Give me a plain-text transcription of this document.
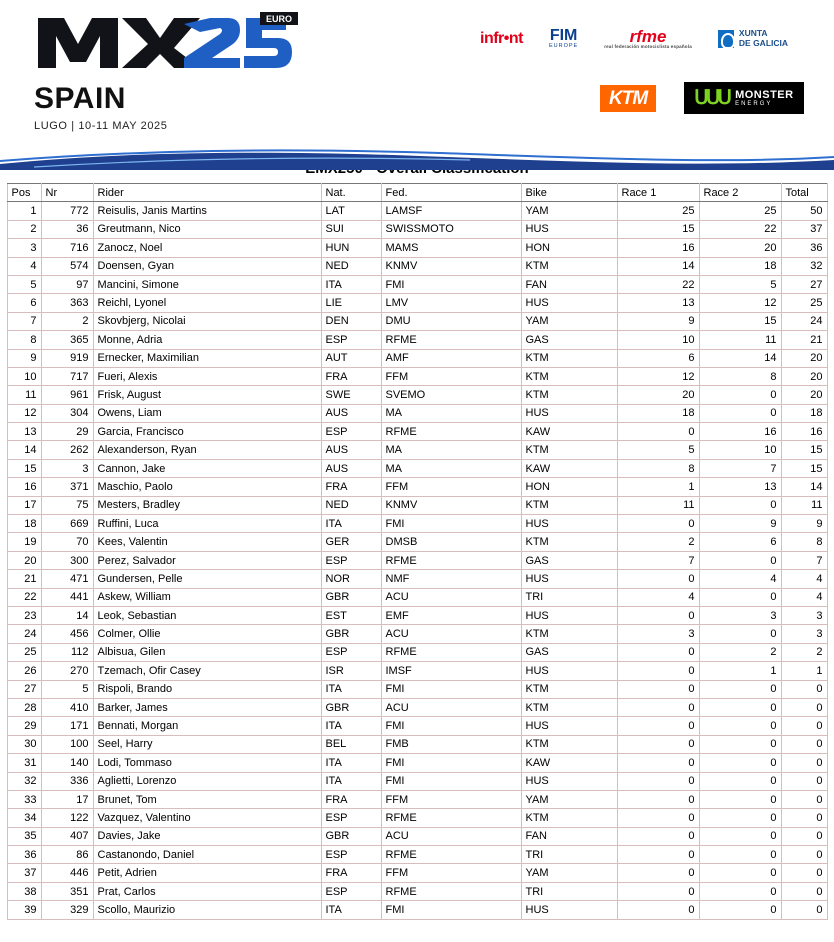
EURO
SPAIN
LUGO | 10-11 MAY 2025
infr•nt FIM
EUROPE	rfme
real federación motociclista española
XUNTA
DE GALICIA
KTM	ᑌᑌᑌ MONSTER
ENERGY
Pos	Nr	Rider	Nat.	Fed.	Bike	Race 1	Race 2	Total
1	772	Reisulis, Janis Martins	LAT	LAMSF	YAM	25	25	50
2	36	Greutmann, Nico	SUI	SWISSMOTO	HUS	15	22	37
3	716	Zanocz, Noel	HUN	MAMS	HON	16	20	36
4	574	Doensen, Gyan	NED	KNMV	KTM	14	18	32
5	97	Mancini, Simone	ITA	FMI	FAN	22	5	27
6	363	Reichl, Lyonel	LIE	LMV	HUS	13	12	25
7	2	Skovbjerg, Nicolai	DEN	DMU	YAM	9	15	24
8	365	Monne, Adria	ESP	RFME	GAS	10	11	21
9	919	Ernecker, Maximilian	AUT	AMF	KTM	6	14	20
10	717	Fueri, Alexis	FRA	FFM	KTM	12	8	20
11	961	Frisk, August	SWE	SVEMO	KTM	20	0	20
12	304	Owens, Liam	AUS	MA	HUS	18	0	18
13	29	Garcia, Francisco	ESP	RFME	KAW	0	16	16
14	262	Alexanderson, Ryan	AUS	MA	KTM	5	10	15
15	3	Cannon, Jake	AUS	MA	KAW	8	7	15
16	371	Maschio, Paolo	FRA	FFM	HON	1	13	14
17	75	Mesters, Bradley	NED	KNMV	KTM	11	0	11
18	669	Ruffini, Luca	ITA	FMI	HUS	0	9	9
19	70	Kees, Valentin	GER	DMSB	KTM	2	6	8
20	300	Perez, Salvador	ESP	RFME	GAS	7	0	7
21	471	Gundersen, Pelle	NOR	NMF	HUS	0	4	4
22	441	Askew, William	GBR	ACU	TRI	4	0	4
23	14	Leok, Sebastian	EST	EMF	HUS	0	3	3
24	456	Colmer, Ollie	GBR	ACU	KTM	3	0	3
25	112	Albisua, Gilen	ESP	RFME	GAS	0	2	2
26	270	Tzemach, Ofir Casey	ISR	IMSF	HUS	0	1	1
27	5	Rispoli, Brando	ITA	FMI	KTM	0	0	0
28	410	Barker, James	GBR	ACU	KTM	0	0	0
29	171	Bennati, Morgan	ITA	FMI	HUS	0	0	0
30	100	Seel, Harry	BEL	FMB	KTM	0	0	0
31	140	Lodi, Tommaso	ITA	FMI	KAW	0	0	0
32	336	Aglietti, Lorenzo	ITA	FMI	HUS	0	0	0
33	17	Brunet, Tom	FRA	FFM	YAM	0	0	0
34	122	Vazquez, Valentino	ESP	RFME	KTM	0	0	0
35	407	Davies, Jake	GBR	ACU	FAN	0	0	0
36	86	Castanondo, Daniel	ESP	RFME	TRI	0	0	0
37	446	Petit, Adrien	FRA	FFM	YAM	0	0	0
38	351	Prat, Carlos	ESP	RFME	TRI	0	0	0
39	329	Scollo, Maurizio	ITA	FMI	HUS	0	0	0
